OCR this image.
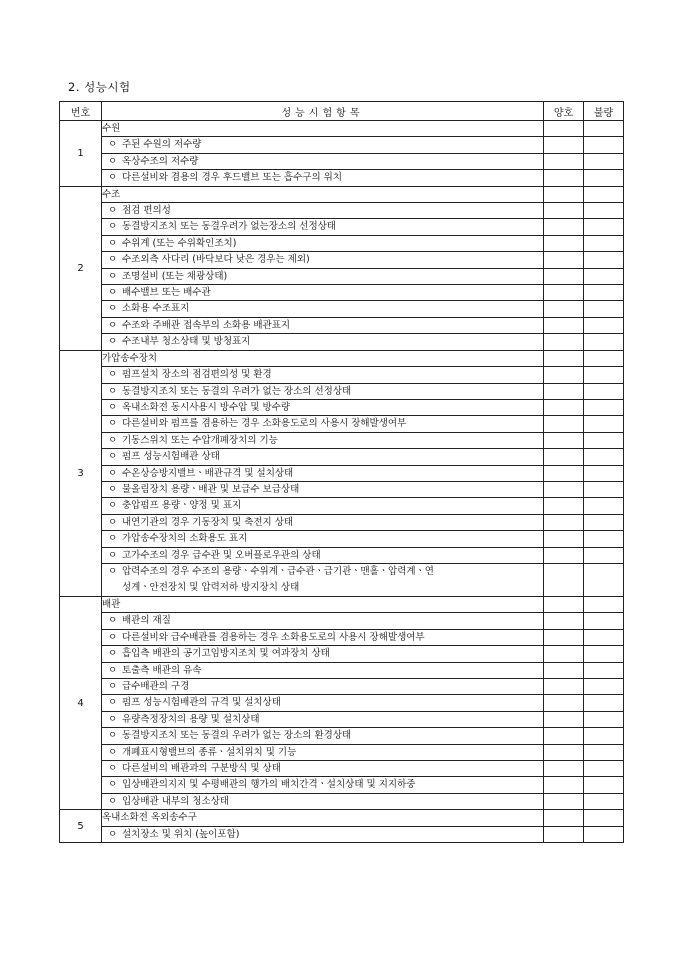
2. 성능시험
번호	성능시험항목	양호	불량
1	수원		
	ㅇ 주된 수원의 저수량		
	ㅇ 옥상수조의 저수량		
	ㅇ 다른설비와 겸용의 경우 후드밸브 또는 흡수구의 위치		
2	수조		
	ㅇ 점검 편의성		
	ㅇ 동결방지조치 또는 동결우려가 없는장소의 선정상태		
	ㅇ 수위계 (또는 수위확인조치)		
	ㅇ 수조외측 사다리 (바닥보다 낮은 경우는 제외)		
	ㅇ 조명설비 (또는 채광상태)		
	ㅇ 배수밸브 또는 배수관		
	ㅇ 소화용 수조표지		
	ㅇ 수조와 주배관 접속부의 소화용 배관표지		
	ㅇ 수조내부 청소상태 및 방청표지		
3	가압송수장치		
	ㅇ 펌프설치 장소의 점검편의성 및 환경		
	ㅇ 동결방지조치 또는 동결의 우려가 없는 장소의 선정상태		
	ㅇ 옥내소화전 동시사용시 방수압 및 방수량		
	ㅇ 다른설비와 펌프를 겸용하는 경우 소화용도로의 사용시 장해발생여부		
	ㅇ 기동스위치 또는 수압개폐장치의 기능		
	ㅇ 펌프 성능시험배관 상태		
	ㅇ 수온상승방지밸브ㆍ배관규격 및 설치상태		
	ㅇ 물올림장치 용량ㆍ배관 및 보급수 보급상태		
	ㅇ 충압펌프 용량ㆍ양정 및 표지		
	ㅇ 내연기관의 경우 기동장치 및 축전지 상태		
	ㅇ 가압송수장치의 소화용도 표지		
	ㅇ 고가수조의 경우 급수관 및 오버플로우관의 상태		

	ㅇ 압력수조의 경우 수조의 용량ㆍ수위계ㆍ급수관ㆍ급기관ㆍ맨홀ㆍ압력계ㆍ연
성계ㆍ안전장치 및 압력저하 방지장치 상태		

4	배관		
	ㅇ 배관의 재질		
	ㅇ 다른설비와 급수배관를 겸용하는 경우 소화용도로의 사용시 장해발생여부		
	ㅇ 흡입측 배관의 공기고임방지조치 및 여과장치 상태		
	ㅇ 토출측 배관의 유속		
	ㅇ 급수배관의 구경		
	ㅇ 펌프 성능시험배관의 규격 및 설치상태		
	ㅇ 유량측정장치의 용량 및 설치상태		
	ㅇ 동결방지조치 또는 동결의 우려가 없는 장소의 환경상태		
	ㅇ 개폐표시형밸브의 종류ㆍ설치위치 및 기능		
	ㅇ 다른설비의 배관과의 구분방식 및 상태		
	ㅇ 입상배관의지지 및 수평배관의 행가의 배치간격ㆍ설치상태 및 지지하중		
	ㅇ 입상배관 내부의 청소상태		
5	옥내소화전 옥외송수구		
	ㅇ 설치장소 및 위치 (높이포함)		
